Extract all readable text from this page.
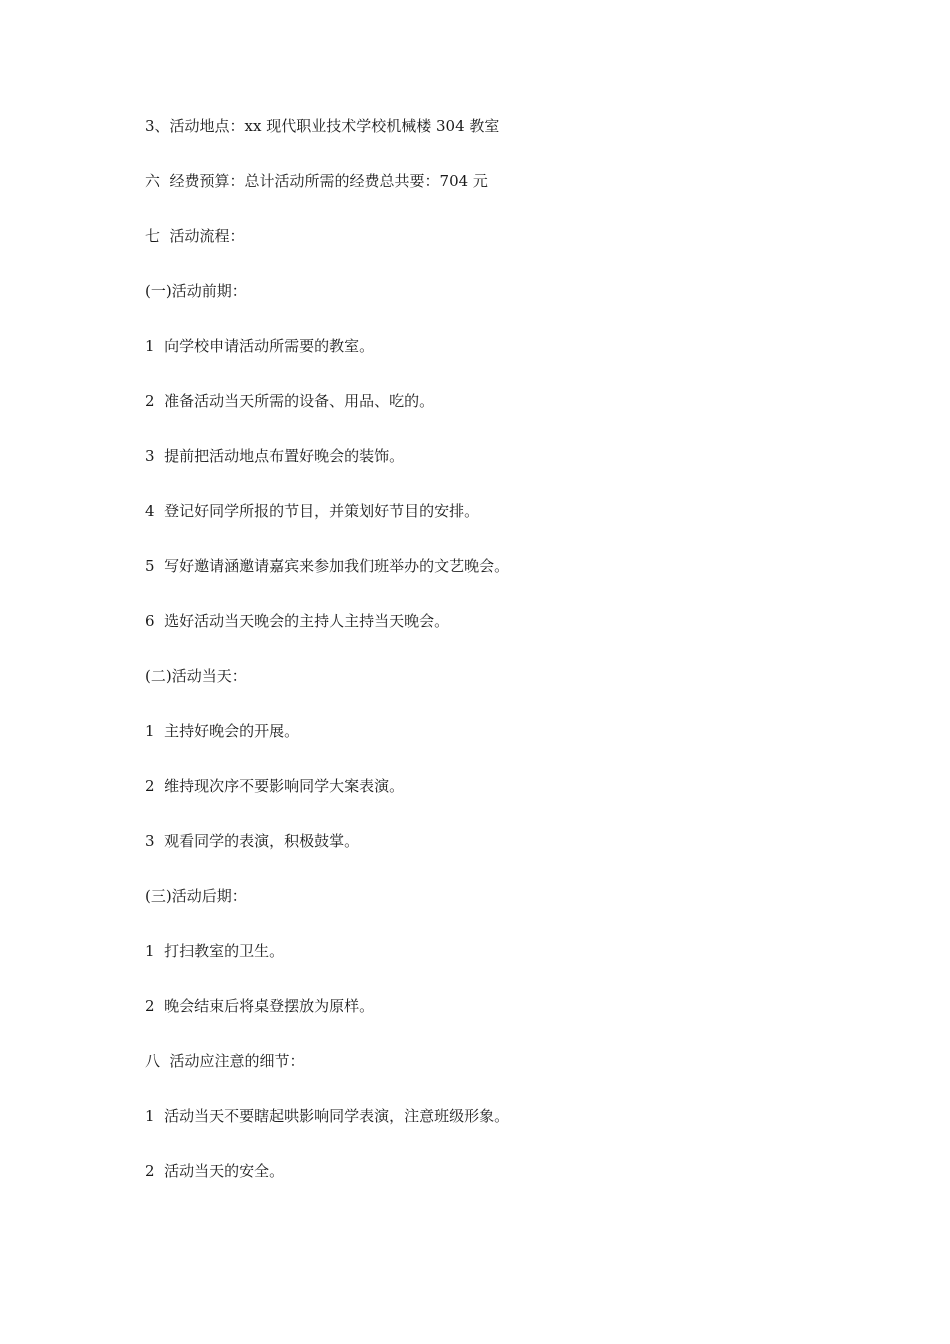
3、活动地点：xx 现代职业技术学校机械楼 304 教室

六  经费预算：总计活动所需的经费总共要：704 元

七  活动流程：

(一)活动前期：

1  向学校申请活动所需要的教室。

2  准备活动当天所需的设备、用品、吃的。

3  提前把活动地点布置好晚会的装饰。

4  登记好同学所报的节目，并策划好节目的安排。

5  写好邀请涵邀请嘉宾来参加我们班举办的文艺晚会。

6  选好活动当天晚会的主持人主持当天晚会。

(二)活动当天：

1  主持好晚会的开展。

2  维持现次序不要影响同学大案表演。

3  观看同学的表演，积极鼓掌。

(三)活动后期：

1  打扫教室的卫生。

2  晚会结束后将桌登摆放为原样。

八  活动应注意的细节：

1  活动当天不要瞎起哄影响同学表演，注意班级形象。

2  活动当天的安全。
